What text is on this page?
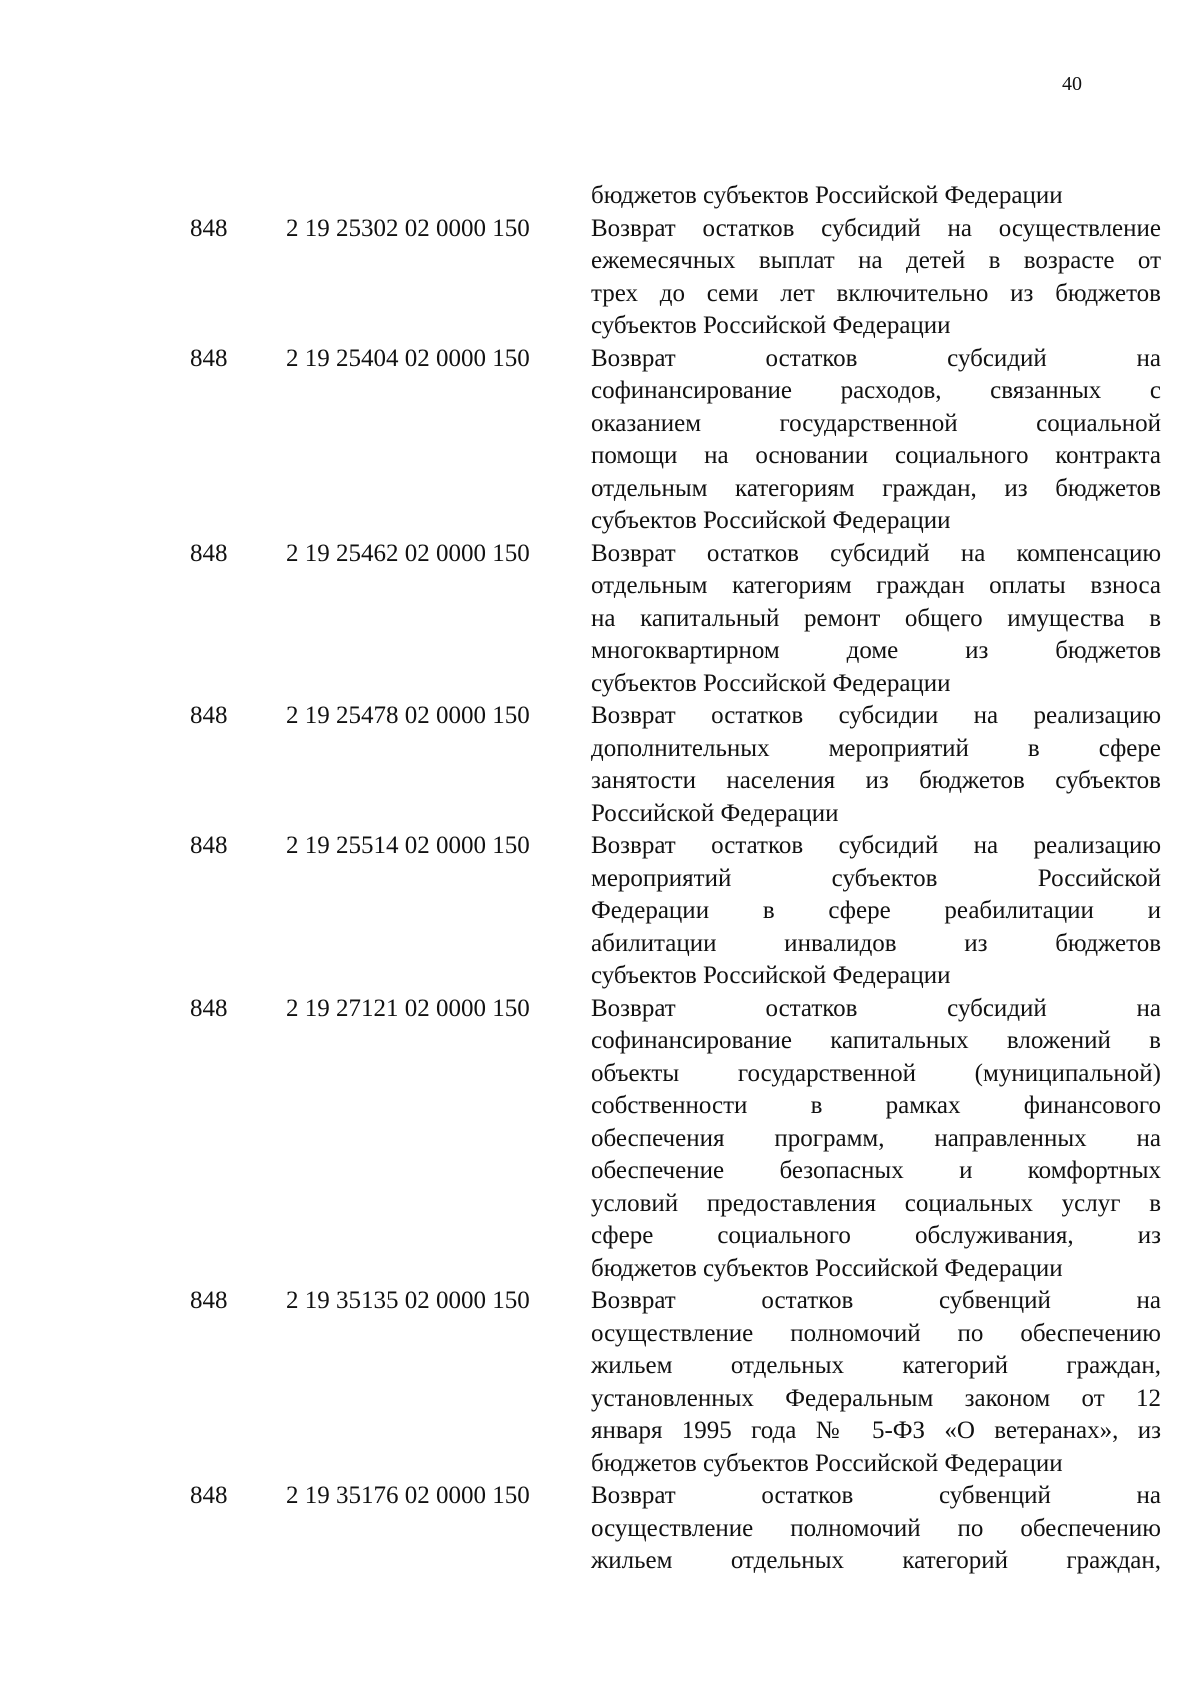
40
бюджетов субъектов Российской Федерации
848	2 19 25302 02 0000 150	Возврат остатков субсидий на осуществление
ежемесячных выплат на детей в возрасте от
трех до семи лет включительно из бюджетов
субъектов Российской Федерации
848	2 19 25404 02 0000 150	Возврат остатков субсидий на
софинансирование расходов, связанных с
оказанием государственной социальной
помощи на основании социального контракта
отдельным категориям граждан, из бюджетов
субъектов Российской Федерации
848	2 19 25462 02 0000 150	Возврат остатков субсидий на компенсацию
отдельным категориям граждан оплаты взноса
на капитальный ремонт общего имущества в
многоквартирном доме из бюджетов
субъектов Российской Федерации
848	2 19 25478 02 0000 150	Возврат остатков субсидии на реализацию
дополнительных мероприятий в сфере
занятости населения из бюджетов субъектов
Российской Федерации
848	2 19 25514 02 0000 150	Возврат остатков субсидий на реализацию
мероприятий субъектов Российской
Федерации в сфере реабилитации и
абилитации инвалидов из бюджетов
субъектов Российской Федерации
848	2 19 27121 02 0000 150	Возврат остатков субсидий на
софинансирование капитальных вложений в
объекты государственной (муниципальной)
собственности в рамках финансового
обеспечения программ, направленных на
обеспечение безопасных и комфортных
условий предоставления социальных услуг в
сфере социального обслуживания, из
бюджетов субъектов Российской Федерации
848	2 19 35135 02 0000 150	Возврат остатков субвенций на
осуществление полномочий по обеспечению
жильем отдельных категорий граждан,
установленных Федеральным законом от 12
января 1995 года № 5-ФЗ «О ветеранах», из
бюджетов субъектов Российской Федерации
848	2 19 35176 02 0000 150	Возврат остатков субвенций на
осуществление полномочий по обеспечению
жильем отдельных категорий граждан,
